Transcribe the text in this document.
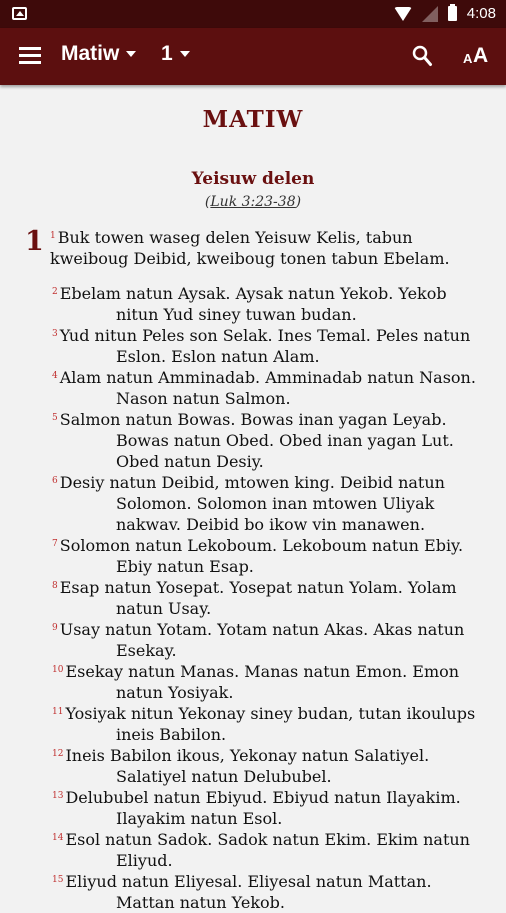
4:08
Matiw 1	A A
MATIW
Yeisuw delen
(Luk 3:23-38)
1 $^1$ Buk towen waseg delen Yeisuw Kelis, tabun kweiboug Deibid, kweiboug tonen tabun Ebelam.
$^2$ Ebelam natun Aysak. Aysak natun Yekob. Yekob nitun Yud siney tuwan budan.
$^3$ Yud nitun Peles son Selak. Ines Temal. Peles natun Eslon. Eslon natun Alam.
$^4$ Alam natun Amminadab. Amminadab natun Nason. Nason natun Salmon.
$^5$ Salmon natun Bowas. Bowas inan yagan Leyab. Bowas natun Obed. Obed inan yagan Lut. Obed natun Desiy.
$^6$ Desiy natun Deibid, mtowen king. Deibid natun Solomon. Solomon inan mtowen Uliyak nakwav. Deibid bo ikow vin manawen.
$^7$ Solomon natun Lekoboum. Lekoboum natun Ebiy. Ebiy natun Esap.
$^8$ Esap natun Yosepat. Yosepat natun Yolam. Yolam natun Usay.
$^9$ Usay natun Yotam. Yotam natun Akas. Akas natun Esekay.
$^{10}$ Esekay natun Manas. Manas natun Emon. Emon natun Yosiyak.
$^{11}$ Yosiyak nitun Yekonay siney budan, tutan ikoulups ineis Babilon.
$^{12}$ Ineis Babilon ikous, Yekonay natun Salatiyel. Salatiyel natun Delububel.
$^{13}$ Delububel natun Ebiyud. Ebiyud natun Ilayakim. Ilayakim natun Esol.
$^{14}$ Esol natun Sadok. Sadok natun Ekim. Ekim natun Eliyud.
$^{15}$ Eliyud natun Eliyesal. Eliyesal natun Mattan. Mattan natun Yekob.
